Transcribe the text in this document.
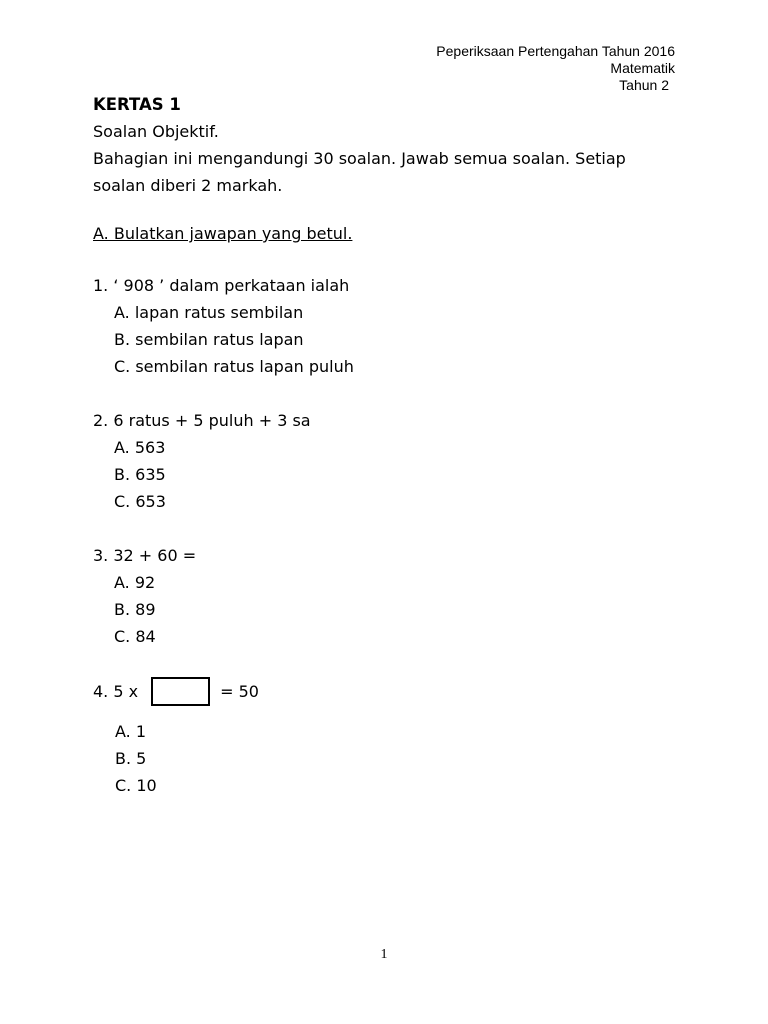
Peperiksaan Pertengahan Tahun 2016
Matematik
Tahun 2
KERTAS 1
Soalan Objektif.
Bahagian ini mengandungi 30 soalan. Jawab semua soalan. Setiap soalan diberi 2 markah.
A. Bulatkan jawapan yang betul.
1. ‘ 908 ’ dalam perkataan ialah
A. lapan ratus sembilan
B. sembilan ratus lapan
C. sembilan ratus lapan puluh
2. 6 ratus + 5 puluh + 3 sa
A. 563
B. 635
C. 653
3. 32 + 60 =
A. 92
B. 89
C. 84
4. 5 x	= 50
A. 1
B. 5
C. 10
1
